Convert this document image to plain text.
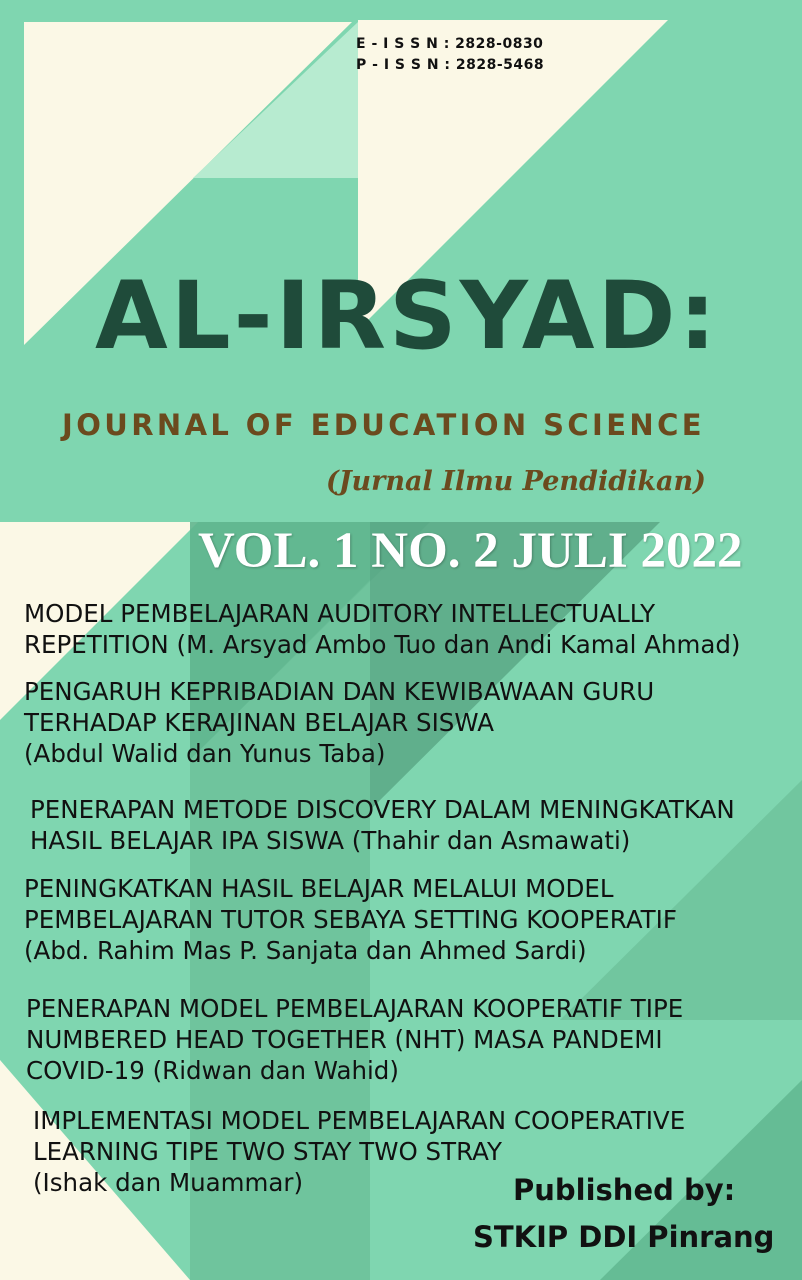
E - I S S N : 2828-0830

P - I S S N : 2828-5468

AL-IRSYAD:

JOURNAL OF EDUCATION SCIENCE

(Jurnal Ilmu Pendidikan)

VOL. 1 NO. 2 JULI 2022

MODEL PEMBELAJARAN AUDITORY INTELLECTUALLY
REPETITION (M. Arsyad Ambo Tuo dan Andi Kamal Ahmad)
PENGARUH KEPRIBADIAN DAN KEWIBAWAAN GURU
TERHADAP KERAJINAN BELAJAR SISWA
(Abdul Walid dan Yunus Taba)
PENERAPAN METODE DISCOVERY DALAM MENINGKATKAN
HASIL BELAJAR IPA SISWA (Thahir dan Asmawati)
PENINGKATKAN HASIL BELAJAR MELALUI MODEL
PEMBELAJARAN TUTOR SEBAYA SETTING KOOPERATIF
(Abd. Rahim Mas P. Sanjata dan Ahmed Sardi)
PENERAPAN MODEL PEMBELAJARAN KOOPERATIF TIPE
NUMBERED HEAD TOGETHER (NHT) MASA PANDEMI
COVID-19 (Ridwan dan Wahid)
IMPLEMENTASI MODEL PEMBELAJARAN COOPERATIVE
LEARNING TIPE TWO STAY TWO STRAY
(Ishak dan Muammar)	Published by:
STKIP DDI Pinrang
